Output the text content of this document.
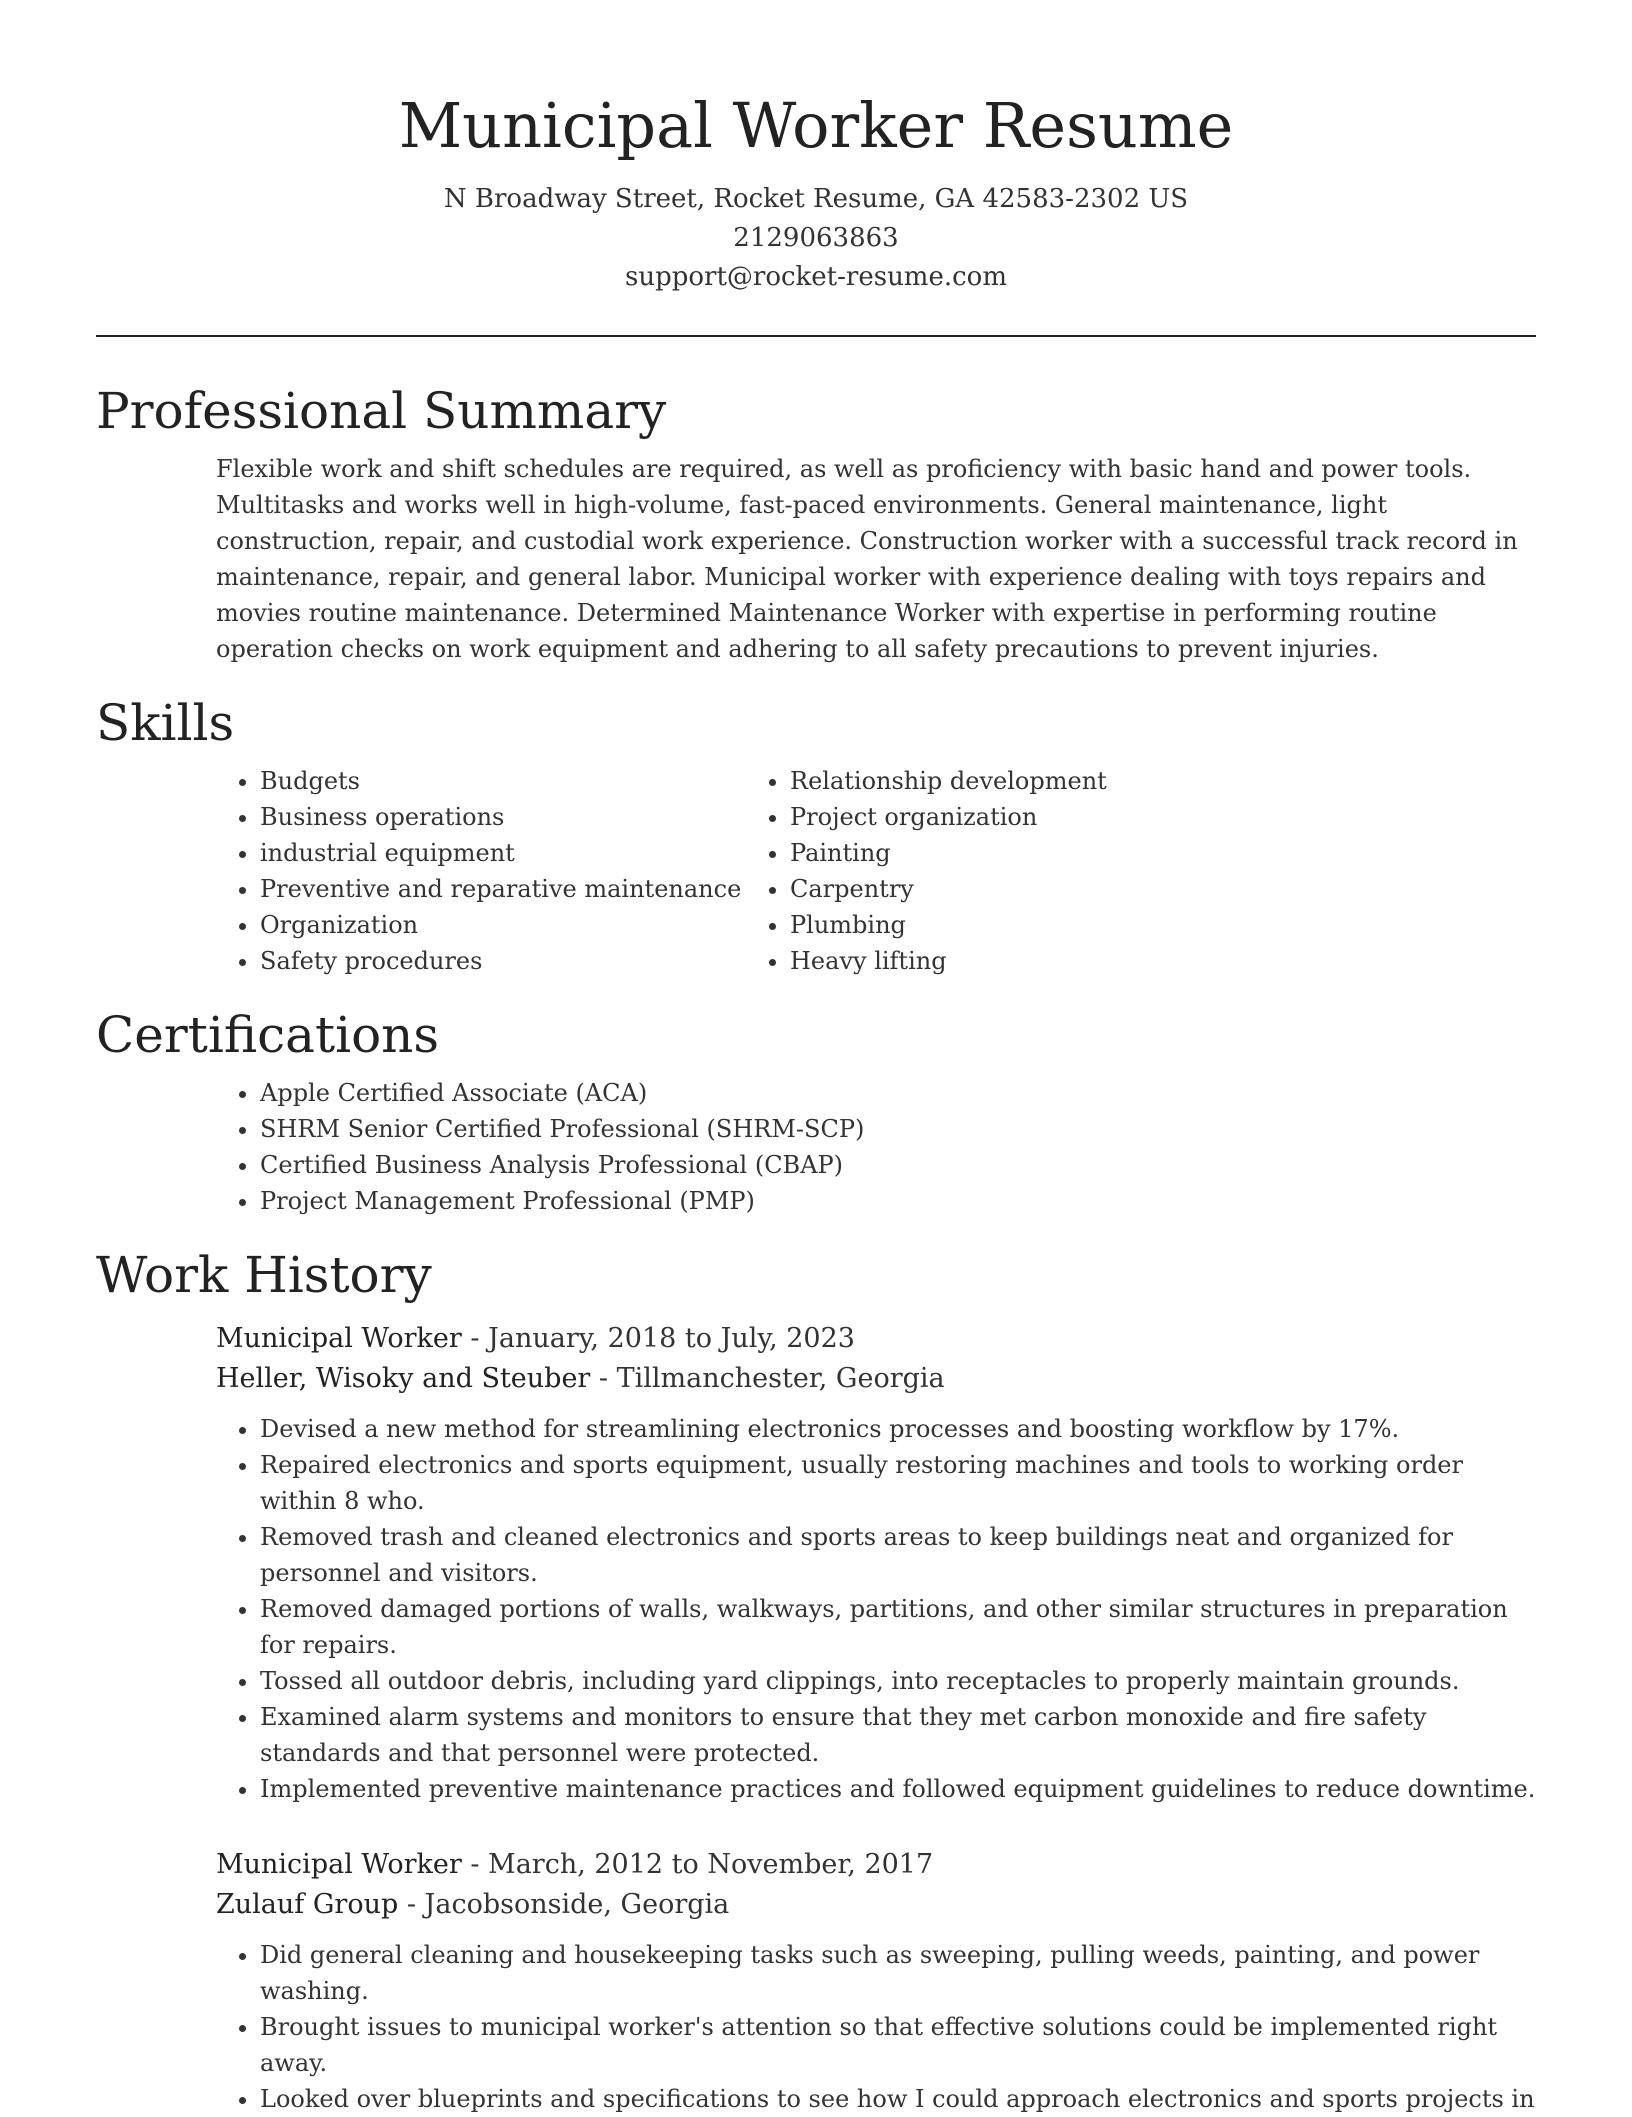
Municipal Worker Resume
N Broadway Street, Rocket Resume, GA 42583-2302 US
2129063863
support@rocket-resume.com
Professional Summary
Flexible work and shift schedules are required, as well as proficiency with basic hand and power tools. Multitasks and works well in high-volume, fast-paced environments. General maintenance, light construction, repair, and custodial work experience. Construction worker with a successful track record in maintenance, repair, and general labor. Municipal worker with experience dealing with toys repairs and movies routine maintenance. Determined Maintenance Worker with expertise in performing routine operation checks on work equipment and adhering to all safety precautions to prevent injuries.
Skills
• Budgets
• Business operations
• industrial equipment
• Preventive and reparative maintenance
• Organization
• Safety procedures
• Relationship development
• Project organization
• Painting
• Carpentry
• Plumbing
• Heavy lifting
Certifications
• Apple Certified Associate (ACA)
• SHRM Senior Certified Professional (SHRM-SCP)
• Certified Business Analysis Professional (CBAP)
• Project Management Professional (PMP)
Work History
Municipal Worker - January, 2018 to July, 2023
Heller, Wisoky and Steuber - Tillmanchester, Georgia
• Devised a new method for streamlining electronics processes and boosting workflow by 17%.
• Repaired electronics and sports equipment, usually restoring machines and tools to working order within 8 who.
• Removed trash and cleaned electronics and sports areas to keep buildings neat and organized for personnel and visitors.
• Removed damaged portions of walls, walkways, partitions, and other similar structures in preparation for repairs.
• Tossed all outdoor debris, including yard clippings, into receptacles to properly maintain grounds.
• Examined alarm systems and monitors to ensure that they met carbon monoxide and fire safety standards and that personnel were protected.
• Implemented preventive maintenance practices and followed equipment guidelines to reduce downtime.
Municipal Worker - March, 2012 to November, 2017
Zulauf Group - Jacobsonside, Georgia
• Did general cleaning and housekeeping tasks such as sweeping, pulling weeds, painting, and power washing.
• Brought issues to municipal worker's attention so that effective solutions could be implemented right away.
• Looked over blueprints and specifications to see how I could approach electronics and sports projects in
